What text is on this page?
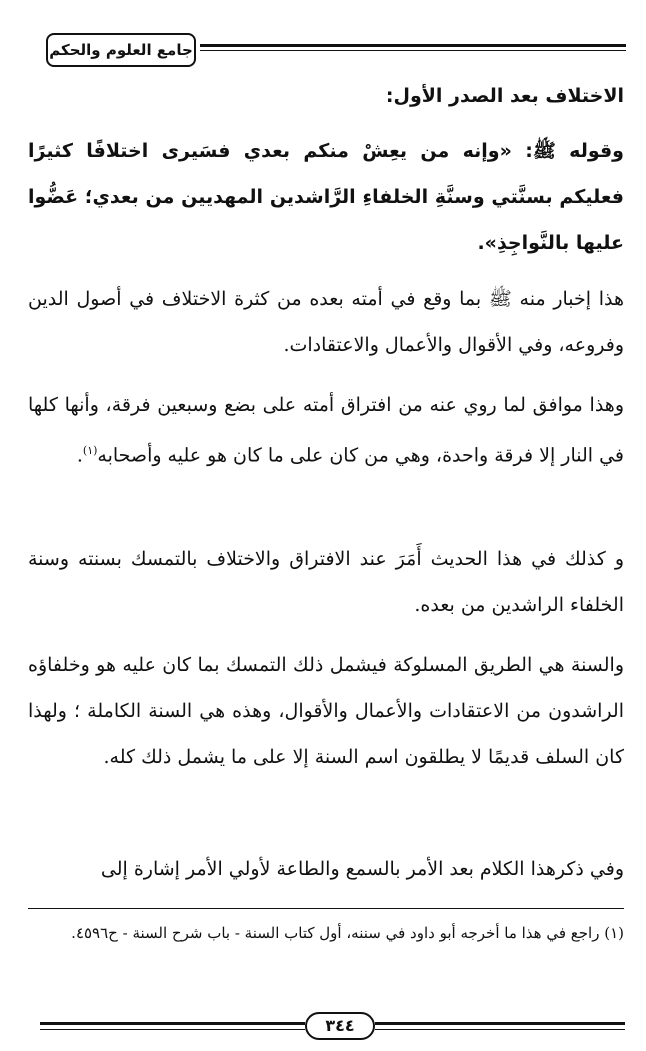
جامع العلوم والحكم
الاختلاف بعد الصدر الأول:
وقوله ﷺ: «وإنه من يعِشْ منكم بعدي فسَيرى اختلافًا كثيرًا فعليكم بسنَّتي وسنَّةِ الخلفاءِ الرَّاشدين المهديين من بعدي؛ عَضُّوا عليها بالنَّواجِذِ».
هذا إخبار منه ﷺ بما وقع في أمته بعده من كثرة الاختلاف في أصول الدين وفروعه، وفي الأقوال والأعمال والاعتقادات.
وهذا موافق لما روي عنه من افتراق أمته على بضع وسبعين فرقة، وأنها كلها في النار إلا فرقة واحدة، وهي من كان على ما كان هو عليه وأصحابه$^{(١)}$.
و كذلك في هذا الحديث أَمَرَ عند الافتراق والاختلاف بالتمسك بسنته وسنة الخلفاء الراشدين من بعده.
والسنة هي الطريق المسلوكة فيشمل ذلك التمسك بما كان عليه هو وخلفاؤه الراشدون من الاعتقادات والأعمال والأقوال، وهذه هي السنة الكاملة ؛ ولهذا كان السلف قديمًا لا يطلقون اسم السنة إلا على ما يشمل ذلك كله.
وفي ذكرهذا الكلام بعد الأمر بالسمع والطاعة لأولي الأمر إشارة إلى
(١) راجع في هذا ما أخرجه أبو داود في سننه، أول كتاب السنة - باب شرح السنة - ح٤٥٩٦.
٣٤٤
